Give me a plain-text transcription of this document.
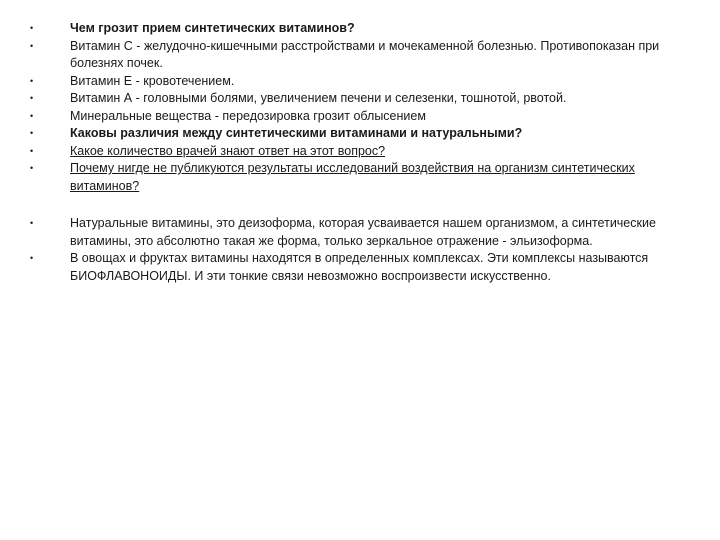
•	Чем грозит прием синтетических витаминов?
•	Витамин С - желудочно-кишечными расстройствами и мочекаменной болезнью. Противопоказан при болезнях почек.
•	Витамин Е - кровотечением.
•	Витамин А - головными болями, увеличением печени и селезенки, тошнотой, рвотой.
•	Минеральные вещества - передозировка грозит облысением
•	Каковы различия между синтетическими витаминами и натуральными?
•	Какое количество врачей знают ответ на этот вопрос?
•	Почему нигде не публикуются результаты исследований воздействия на организм синтетических витаминов?
•	Натуральные витамины, это деизоформа, которая усваивается нашем организмом, а синтетические витамины, это абсолютно такая же форма, только зеркальное отражение - эльизоформа.
•	В овощах и фруктах витамины находятся в определенных комплексах. Эти комплексы называются БИОФЛАВОНОИДЫ. И эти тонкие связи невозможно воспроизвести искусственно.
